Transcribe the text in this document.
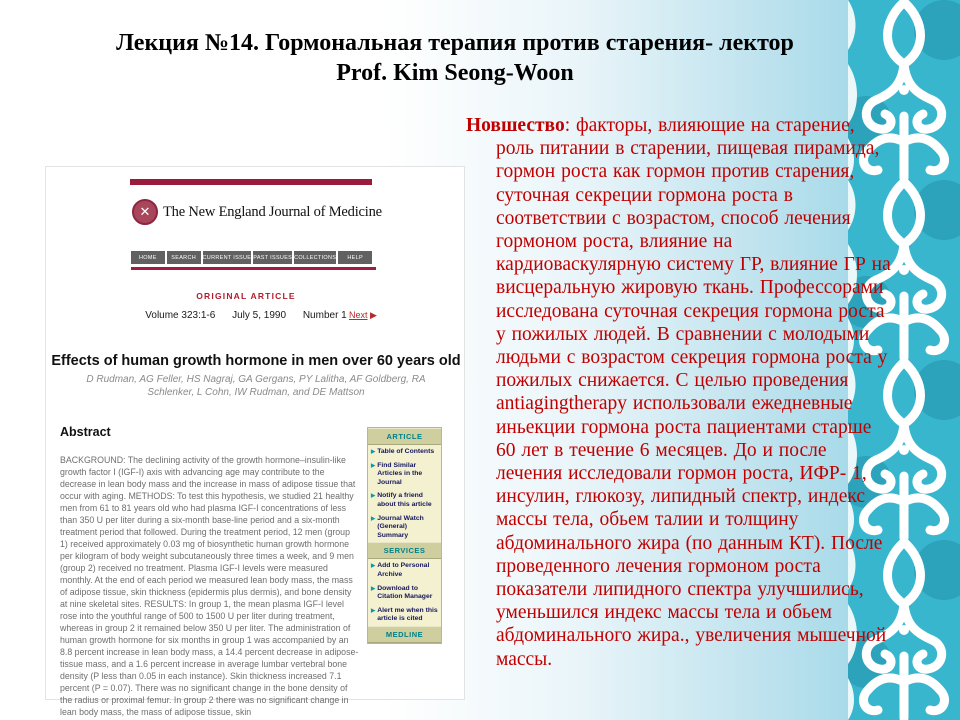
Лекция №14. Гормональная терапия против старения- лектор
Prof. Kim Seong-Woon
Новшество: факторы, влияющие на старение, роль питании в старении, пищевая пирамида, гормон роста как гормон против старения, суточная секреции гормона роста в соответствии с возрастом, способ лечения гормоном роста, влияние на кардиоваскулярную систему ГР, влияние ГР на висцеральную жировую ткань. Профессорами исследована суточная секреция гормона роста у пожилых людей. В сравнении с молодыми людьми с возрастом секреция гормона роста у пожилых снижается. С целью проведения antiagingtherapy использовали ежедневные иньекции гормона роста пациентами старше 60 лет в течение 6 месяцев. До и после лечения исследовали гормон роста, ИФР- 1, инсулин, глюкозу, липидный спектр, индекс массы тела, обьем талии и толщину абдоминального жира (по данным КТ). После проведенного лечения гормоном роста показатели липидного спектра улучшились, уменьшился индекс массы тела и обьем абдоминального жира., увеличения мышечной массы.
✕ The New England Journal of Medicine
HOME	SEARCH	CURRENT ISSUE PAST ISSUES COLLECTIONS	HELP
ORIGINAL ARTICLE
Volume 323:1-6 July 5, 1990 Number 1 Next ▶
Effects of human growth hormone in men over 60 years old
D Rudman, AG Feller, HS Nagraj, GA Gergans, PY Lalitha, AF Goldberg, RA Schlenker, L Cohn, IW Rudman, and DE Mattson
Abstract
BACKGROUND: The declining activity of the growth hormone–insulin-like growth factor I (IGF-I) axis with advancing age may contribute to the decrease in lean body mass and the increase in mass of adipose tissue that occur with aging. METHODS: To test this hypothesis, we studied 21 healthy men from 61 to 81 years old who had plasma IGF-I concentrations of less than 350 U per liter during a six-month base-line period and a six-month treatment period that followed. During the treatment period, 12 men (group 1) received approximately 0.03 mg of biosynthetic human growth hormone per kilogram of body weight subcutaneously three times a week, and 9 men (group 2) received no treatment. Plasma IGF-I levels were measured monthly. At the end of each period we measured lean body mass, the mass of adipose tissue, skin thickness (epidermis plus dermis), and bone density at nine skeletal sites. RESULTS: In group 1, the mean plasma IGF-I level rose into the youthful range of 500 to 1500 U per liter during treatment, whereas in group 2 it remained below 350 U per liter. The administration of human growth hormone for six months in group 1 was accompanied by an 8.8 percent increase in lean body mass, a 14.4 percent decrease in adipose-tissue mass, and a 1.6 percent increase in average lumbar vertebral bone density (P less than 0.05 in each instance). Skin thickness increased 7.1 percent (P = 0.07). There was no significant change in the bone density of the radius or proximal femur. In group 2 there was no significant change in lean body mass, the mass of adipose tissue, skin
ARTICLE
▶ Table of Contents
▶ Find Similar Articles in the Journal
▶ Notify a friend about this article
▶ Journal Watch (General) Summary
SERVICES
▶ Add to Personal Archive
▶ Download to Citation Manager
▶ Alert me when this article is cited
MEDLINE
